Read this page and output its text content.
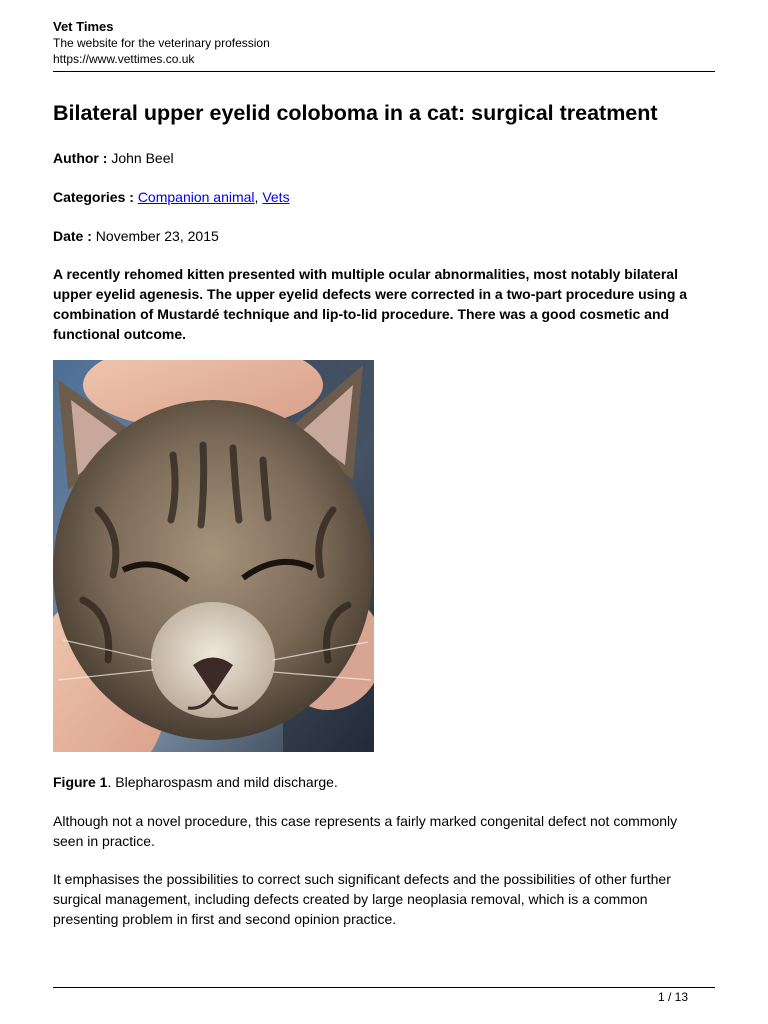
Vet Times
The website for the veterinary profession
https://www.vettimes.co.uk
Bilateral upper eyelid coloboma in a cat: surgical treatment
Author : John Beel
Categories : Companion animal, Vets
Date : November 23, 2015

A recently rehomed kitten presented with multiple ocular abnormalities, most notably bilateral upper eyelid agenesis. The upper eyelid defects were corrected in a two-part procedure using a combination of Mustardé technique and lip-to-lid procedure. There was a good cosmetic and functional outcome.

Figure 1. Blepharospasm and mild discharge.

Although not a novel procedure, this case represents a fairly marked congenital defect not commonly seen in practice.

It emphasises the possibilities to correct such significant defects and the possibilities of other further surgical management, including defects created by large neoplasia removal, which is a common presenting problem in first and second opinion practice.

1 / 13
